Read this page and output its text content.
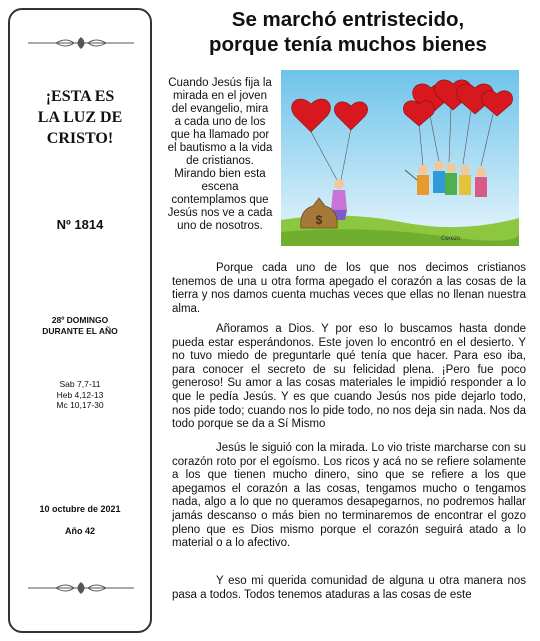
¡ESTA ES
LA LUZ DE
CRISTO!
Nº 1814
28º DOMINGO
DURANTE EL AÑO
Sab 7,7-11
Heb 4,12-13
Mc 10,17-30
10 octubre de 2021
Año 42
Se marchó entristecido,
porque tenía muchos bienes
Cuando Jesús fija la
mirada en el joven
del evangelio, mira
a cada uno de los
que ha llamado por
el bautismo a la vida
de cristianos.
Mirando bien esta
escena
contemplamos que
Jesús nos ve a cada
uno de nosotros.	$
Cerezo

Porque cada uno de los que nos decimos cristianos tenemos de una u otra forma apegado el corazón a las cosas de la tierra y nos damos cuenta muchas veces que ellas no llenan nuestra alma.

Añoramos a Dios. Y por eso lo buscamos hasta donde pueda estar esperándonos. Este joven lo encontró en el desierto. Y no tuvo miedo de preguntarle qué tenía que hacer. Para eso iba, para conocer el secreto de su felicidad plena. ¡Pero fue poco generoso! Su amor a las cosas materiales le impidió responder a lo que le pedía Jesús. Y es que cuando Jesús nos pide dejarlo todo, nos pide todo; cuando nos lo pide todo, no nos deja sin nada. Nos da todo porque se da a Sí Mismo

Jesús le siguió con la mirada. Lo vio triste marcharse con su corazón roto por el egoísmo. Los ricos y acá no se refiere solamente a los que tienen mucho dinero, sino que se refiere a los que apegamos el corazón a las cosas, tengamos mucho o tengamos nada, algo a lo que no queramos desapegarnos, no podremos hallar jamás descanso o más bien no terminaremos de encontrar el gozo pleno que es Dios mismo porque el corazón seguirá atado a lo material o a lo afectivo.

Y eso mi querida comunidad de alguna u otra manera nos pasa a todos. Todos tenemos ataduras a las cosas de este
